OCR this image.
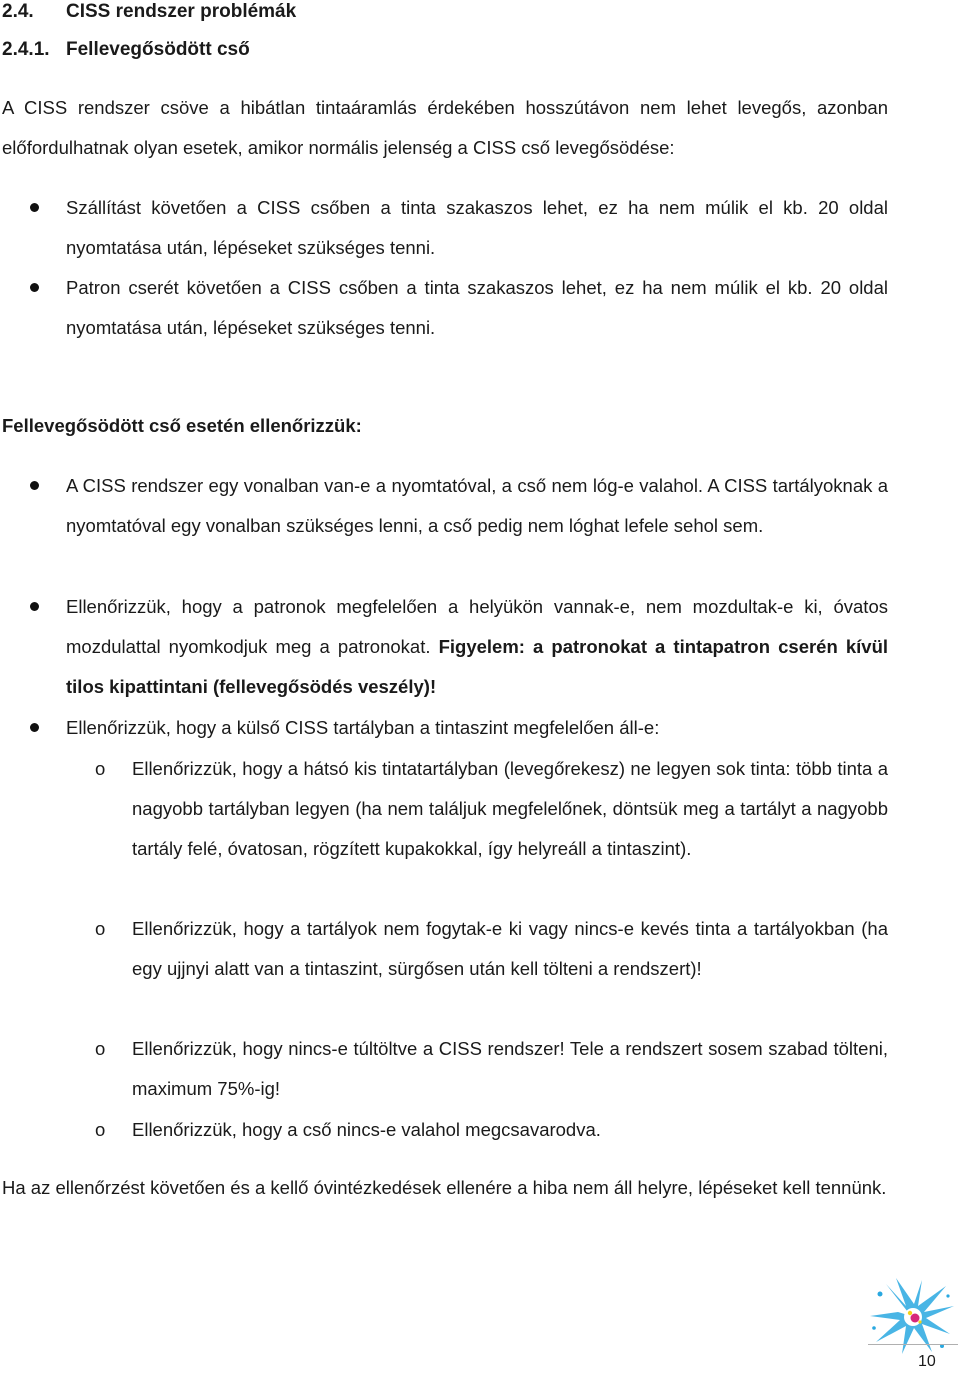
2.4. CISS rendszer problémák
2.4.1. Fellevegősödött cső
A CISS rendszer csöve a hibátlan tintaáramlás érdekében hosszútávon nem lehet levegős, azonban előfordulhatnak olyan esetek, amikor normális jelenség a CISS cső levegősödése:
Szállítást követően a CISS csőben a tinta szakaszos lehet, ez ha nem múlik el kb. 20 oldal nyomtatása után, lépéseket szükséges tenni.
Patron cserét követően a CISS csőben a tinta szakaszos lehet, ez ha nem múlik el kb. 20 oldal nyomtatása után, lépéseket szükséges tenni.
Fellevegősödött cső esetén ellenőrizzük:
A CISS rendszer egy vonalban van-e a nyomtatóval, a cső nem lóg-e valahol. A CISS tartályoknak a nyomtatóval egy vonalban szükséges lenni, a cső pedig nem lóghat lefele sehol sem.
Ellenőrizzük, hogy a patronok megfelelően a helyükön vannak-e, nem mozdultak-e ki, óvatos mozdulattal nyomkodjuk meg a patronokat. Figyelem: a patronokat a tintapatron cserén kívül tilos kipattintani (fellevegősödés veszély)!
Ellenőrizzük, hogy a külső CISS tartályban a tintaszint megfelelően áll-e:
o Ellenőrizzük, hogy a hátsó kis tintatartályban (levegőrekesz) ne legyen sok tinta: több tinta a nagyobb tartályban legyen (ha nem találjuk megfelelőnek, döntsük meg a tartályt a nagyobb tartály felé, óvatosan, rögzített kupakokkal, így helyreáll a tintaszint).
o Ellenőrizzük, hogy a tartályok nem fogytak-e ki vagy nincs-e kevés tinta a tartályokban (ha egy ujjnyi alatt van a tintaszint, sürgősen után kell tölteni a rendszert)!
o Ellenőrizzük, hogy nincs-e túltöltve a CISS rendszer! Tele a rendszert sosem szabad tölteni, maximum 75%-ig!
o Ellenőrizzük, hogy a cső nincs-e valahol megcsavarodva.
Ha az ellenőrzést követően és a kellő óvintézkedések ellenére a hiba nem áll helyre, lépéseket kell tennünk.
10
